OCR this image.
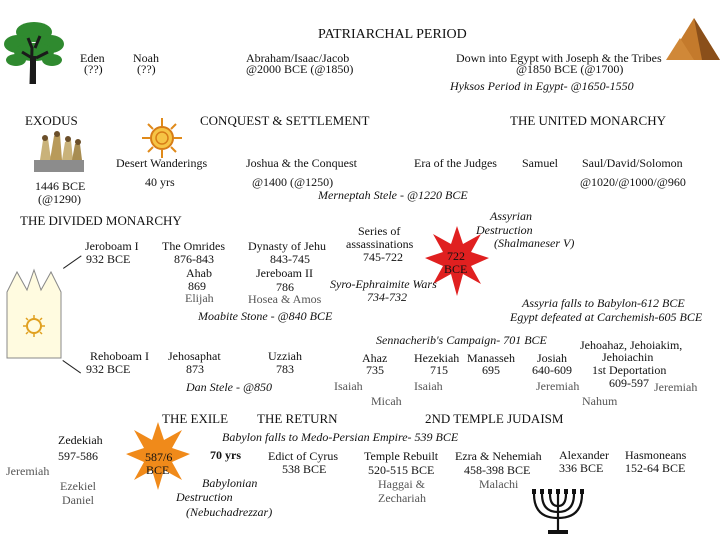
PATRIARCHAL PERIOD
Eden
(??)
Noah
(??)
Abraham/Isaac/Jacob
@2000 BCE (@1850)
Down into Egypt with Joseph & the Tribes
@1850 BCE (@1700)
Hyksos Period in Egypt- @1650-1550
EXODUS	CONQUEST & SETTLEMENT	THE UNITED MONARCHY
1446 BCE
(@1290)
Desert Wanderings
40 yrs
Joshua & the Conquest
@1400 (@1250)
Era of the Judges
Merneptah Stele - @1220 BCE
Samuel Saul/David/Solomon
@1020/@1000/@960
THE DIVIDED MONARCHY
Jeroboam I
932 BCE
The Omrides
876-843
Ahab
869
Elijah
Dynasty of Jehu
843-745
Jereboam II
786
Hosea & Amos
Moabite Stone - @840 BCE
Series of
assassinations
745-722
Syro-Ephraimite Wars
734-732
722
BCE
Assyrian
Destruction
(Shalmaneser V)
Assyria falls to Babylon-612 BCE
Egypt defeated at Carchemish-605 BCE
Sennacherib's Campaign- 701 BCE
Rehoboam I
932 BCE
Jehosaphat
873
Uzziah
783
Dan Stele - @850
Ahaz
735
Hezekiah
715
Manasseh
695
Josiah
640-609
Jehoahaz, Jehoiakim,
Jehoiachin
1st Deportation
609-597 Jeremiah
Isaiah	Isaiah
Micah
Jeremiah
Nahum
THE EXILE THE RETURN	2ND TEMPLE JUDAISM
Zedekiah
597-586
Jeremiah
Ezekiel
Daniel
587/6
BCE
70 yrs
Babylonian
Destruction
(Nebuchadrezzar)
Babylon falls to Medo-Persian Empire- 539 BCE
Edict of Cyrus
538 BCE
Temple Rebuilt
520-515 BCE
Haggai &
Zechariah
Ezra & Nehemiah
458-398 BCE
Malachi
Alexander
336 BCE
Hasmoneans
152-64 BCE
